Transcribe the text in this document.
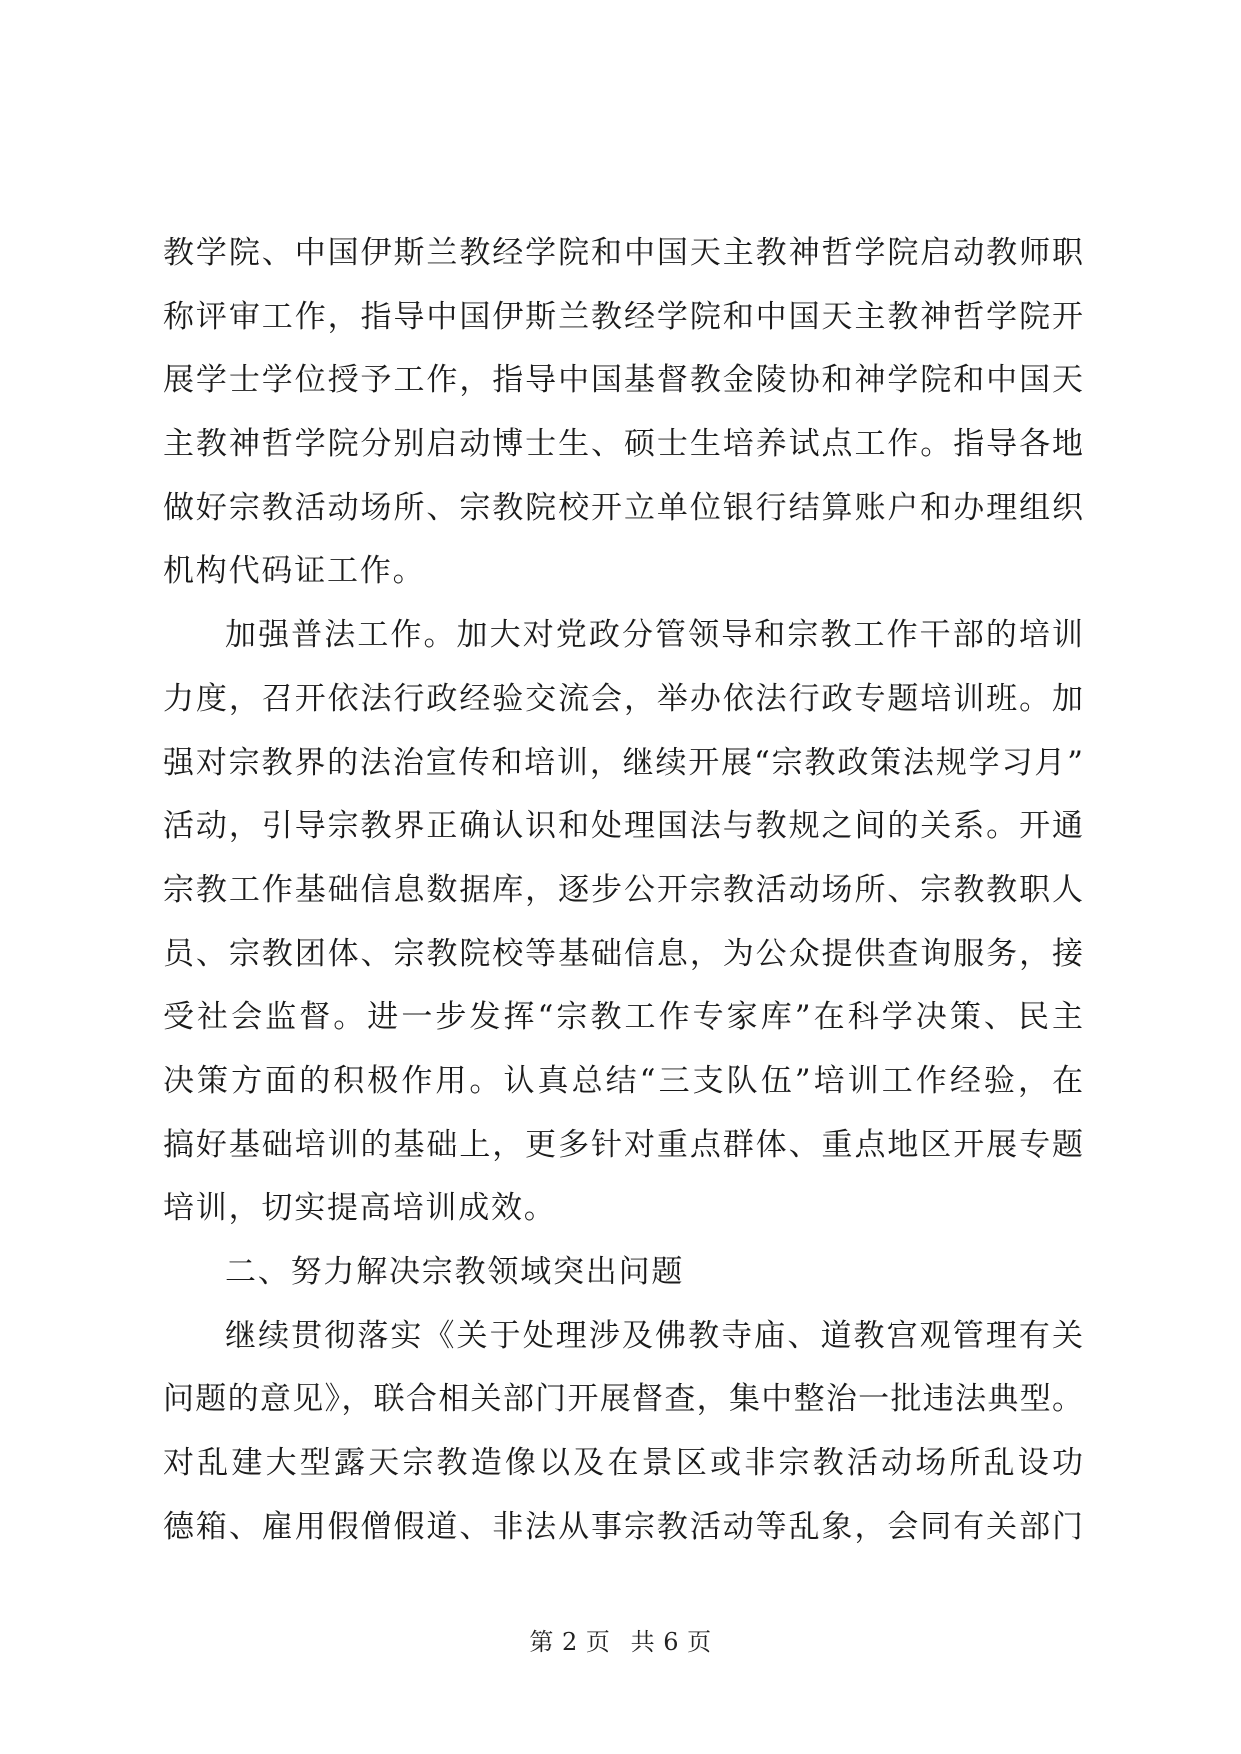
教学院、中国伊斯兰教经学院和中国天主教神哲学院启动教师职
称评审工作，指导中国伊斯兰教经学院和中国天主教神哲学院开
展学士学位授予工作，指导中国基督教金陵协和神学院和中国天
主教神哲学院分别启动博士生、硕士生培养试点工作。指导各地
做好宗教活动场所、宗教院校开立单位银行结算账户和办理组织
机构代码证工作。
加强普法工作。加大对党政分管领导和宗教工作干部的培训
力度，召开依法行政经验交流会，举办依法行政专题培训班。加
强对宗教界的法治宣传和培训，继续开展“宗教政策法规学习月”
活动，引导宗教界正确认识和处理国法与教规之间的关系。开通
宗教工作基础信息数据库，逐步公开宗教活动场所、宗教教职人
员、宗教团体、宗教院校等基础信息，为公众提供查询服务，接
受社会监督。进一步发挥“宗教工作专家库”在科学决策、民主
决策方面的积极作用。认真总结“三支队伍”培训工作经验，在
搞好基础培训的基础上，更多针对重点群体、重点地区开展专题
培训，切实提高培训成效。
二、努力解决宗教领域突出问题
继续贯彻落实《关于处理涉及佛教寺庙、道教宫观管理有关
问题的意见》，联合相关部门开展督查，集中整治一批违法典型。
对乱建大型露天宗教造像以及在景区或非宗教活动场所乱设功
德箱、雇用假僧假道、非法从事宗教活动等乱象，会同有关部门
第 2 页 共 6 页
